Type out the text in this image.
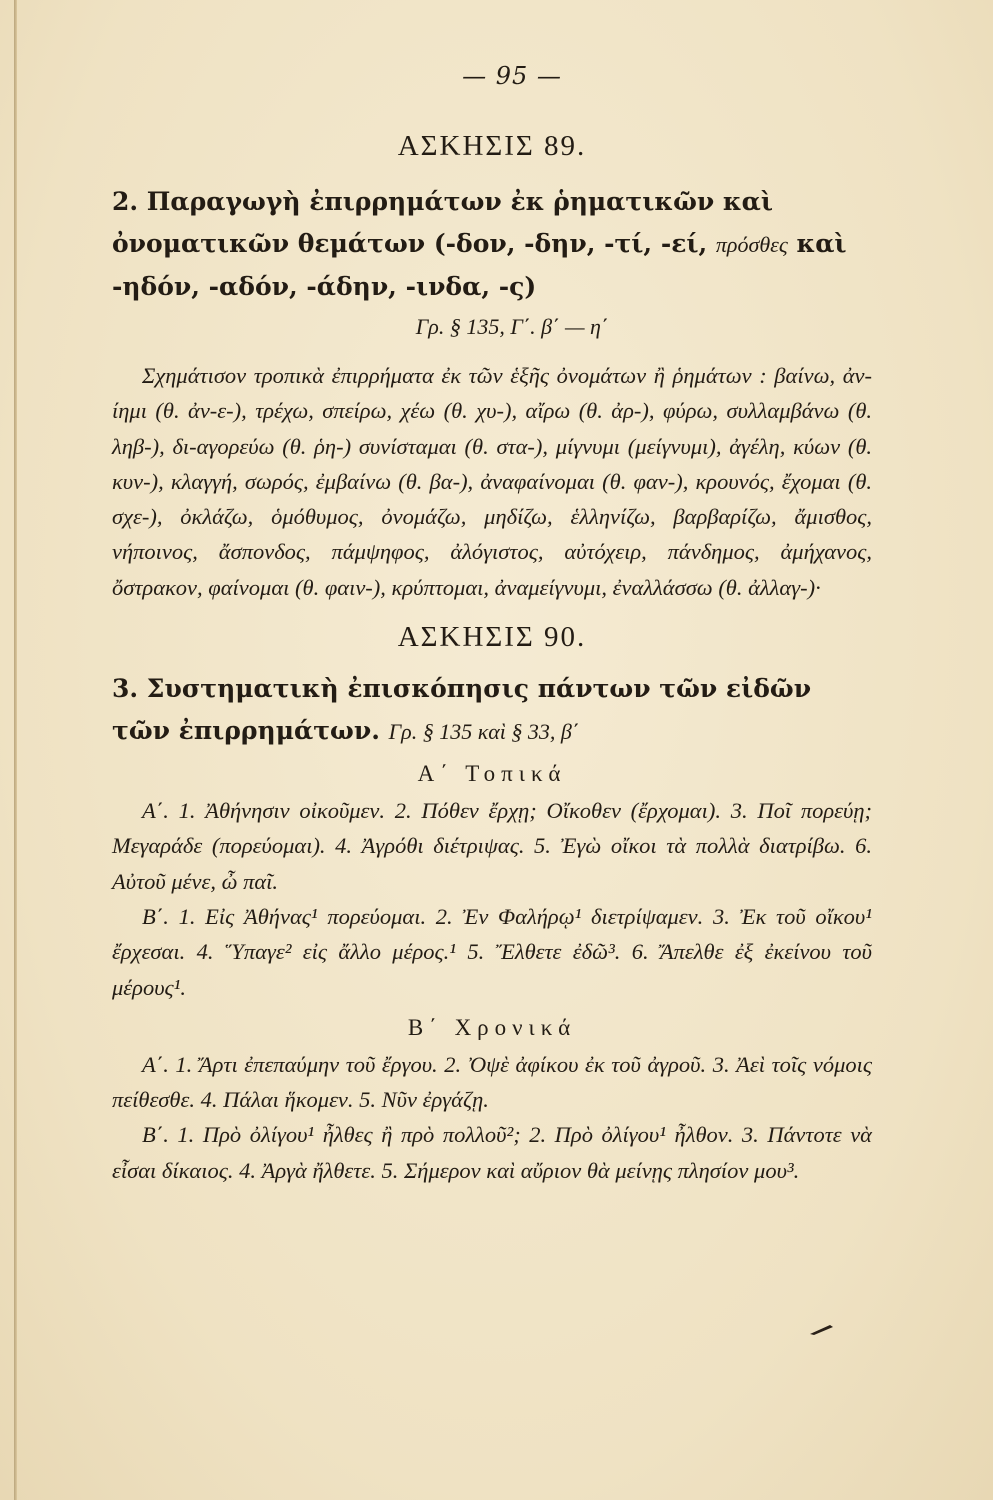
— 95 —
ΑΣΚΗΣΙΣ 89.
2. Παραγωγὴ ἐπιρρημάτων ἐκ ῥηματικῶν καὶ ὀνοματικῶν θεμάτων (-δον, -δην, -τί, -εί, πρόσθες καὶ -ηδόν, -αδόν, -άδην, -ινδα, -ς)
Γρ. § 135, Γ΄. β΄ — η΄

Σχημάτισον τροπικὰ ἐπιρρήματα ἐκ τῶν ἑξῆς ὀνομάτων ἢ ῥημάτων : βαίνω, ἀν-ίημι (θ. ἀν-ε-), τρέχω, σπείρω, χέω (θ. χυ-), αἴρω (θ. ἀρ-), φύρω, συλλαμβάνω (θ. ληβ-), δι-αγορεύω (θ. ῥη-) συνίσταμαι (θ. στα-), μίγνυμι (μείγνυμι), ἀγέλη, κύων (θ. κυν-), κλαγγή, σωρός, ἐμβαίνω (θ. βα-), ἀναφαίνομαι (θ. φαν-), κρουνός, ἔχομαι (θ. σχε-), ὀκλάζω, ὁμόθυμος, ὀνομάζω, μηδίζω, ἑλληνίζω, βαρβαρίζω, ἄμισθος, νήποινος, ἄσπονδος, πάμψηφος, ἀλόγιστος, αὐτόχειρ, πάνδημος, ἀμήχανος, ὄστρακον, φαίνομαι (θ. φαιν-), κρύπτομαι, ἀναμείγνυμι, ἐναλλάσσω (θ. ἀλλαγ-)·

ΑΣΚΗΣΙΣ 90.
3. Συστηματικὴ ἐπισκόπησις πάντων τῶν εἰδῶν τῶν ἐπιρρημάτων. Γρ. § 135 καὶ § 33, β΄
Α΄ Τοπικά

Α΄. 1. Ἀθήνησιν οἰκοῦμεν. 2. Πόθεν ἔρχῃ; Οἴκοθεν (ἔρχομαι). 3. Ποῖ πορεύῃ; Μεγαράδε (πορεύομαι). 4. Ἀγρόθι διέτριψας. 5. Ἐγὼ οἴκοι τὰ πολλὰ διατρίβω. 6. Αὐτοῦ μένε, ὦ παῖ.

Β΄. 1. Εἰς Ἀθήνας¹ πορεύομαι. 2. Ἐν Φαλήρῳ¹ διετρίψαμεν. 3. Ἐκ τοῦ οἴκου¹ ἔρχεσαι. 4. Ὕπαγε² εἰς ἄλλο μέρος.¹ 5. Ἔλθετε ἐδῶ³. 6. Ἄπελθε ἐξ ἐκείνου τοῦ μέρους¹.

Β΄ Χρονικά

Α΄. 1. Ἄρτι ἐπεπαύμην τοῦ ἔργου. 2. Ὀψὲ ἀφίκου ἐκ τοῦ ἀγροῦ. 3. Ἀεὶ τοῖς νόμοις πείθεσθε. 4. Πάλαι ἥκομεν. 5. Νῦν ἐργάζῃ.

Β΄. 1. Πρὸ ὀλίγου¹ ἦλθες ἢ πρὸ πολλοῦ²; 2. Πρὸ ὀλίγου¹ ἦλθον. 3. Πάντοτε νὰ εἶσαι δίκαιος. 4. Ἀργὰ ἤλθετε. 5. Σήμερον καὶ αὔριον θὰ μείνῃς πλησίον μου³.
